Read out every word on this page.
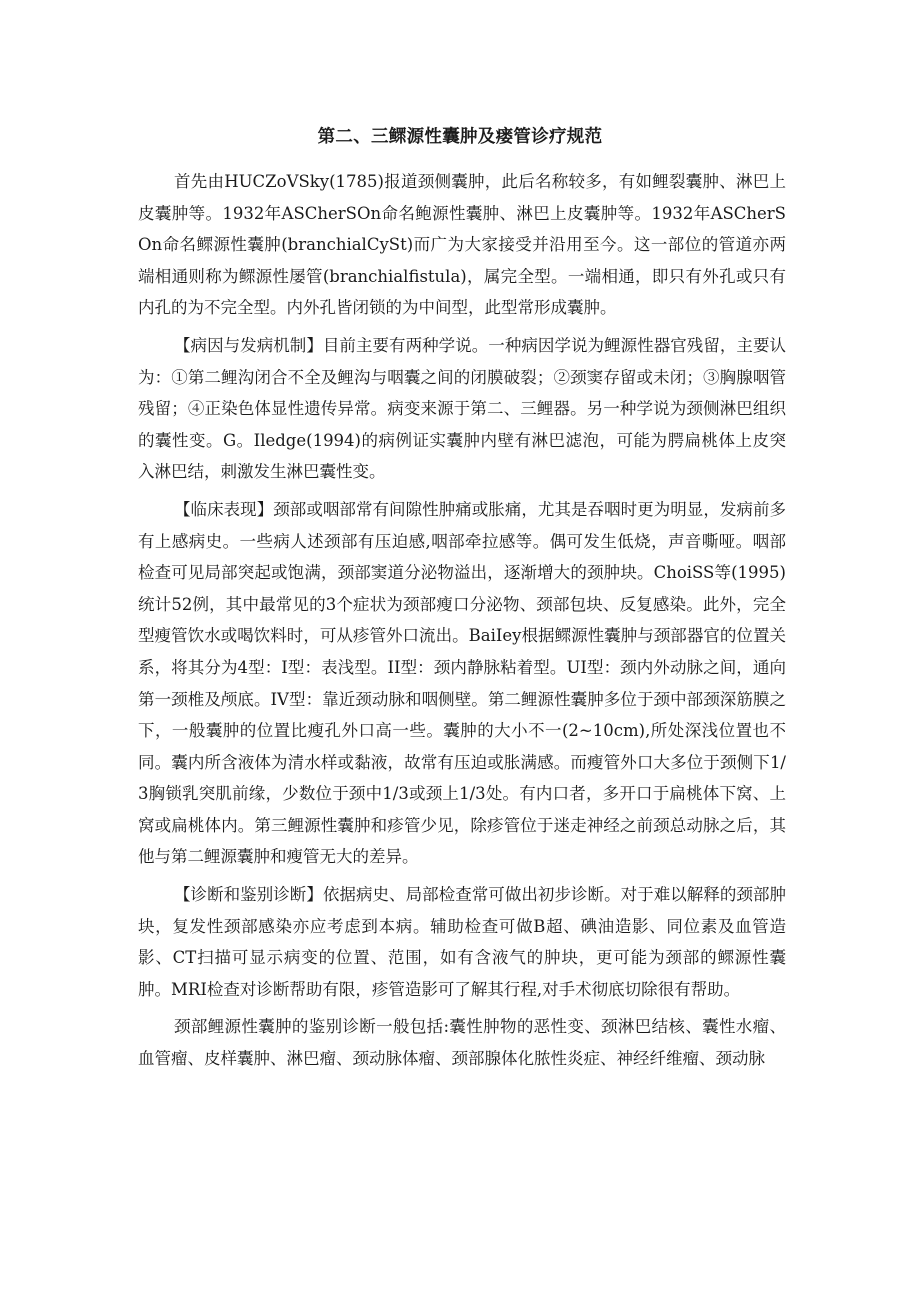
第二、三鳏源性囊肿及瘘管诊疗规范

首先由HUCZoVSky(1785)报道颈侧囊肿，此后名称较多，有如鲤裂囊肿、淋巴上皮囊肿等。1932年ASCherSOn命名鲍源性囊肿、淋巴上皮囊肿等。1932年ASCherSOn命名鳏源性囊肿(branchialCySt)而广为大家接受并沿用至今。这一部位的管道亦两端相通则称为鳏源性屡管(branchialfistula)，属完全型。一端相通，即只有外孔或只有内孔的为不完全型。内外孔皆闭锁的为中间型，此型常形成囊肿。

【病因与发病机制】目前主要有两种学说。一种病因学说为鲤源性器官残留，主要认为：①第二鲤沟闭合不全及鲤沟与咽囊之间的闭膜破裂；②颈窦存留或未闭；③胸腺咽管残留；④正染色体显性遗传异常。病变来源于第二、三鲤器。另一种学说为颈侧淋巴组织的囊性变。G。Iledge(1994)的病例证实囊肿内壁有淋巴滤泡，可能为腭扁桃体上皮突入淋巴结，刺激发生淋巴囊性变。

【临床表现】颈部或咽部常有间隙性肿痛或胀痛，尤其是吞咽时更为明显，发病前多有上感病史。一些病人述颈部有压迫感,咽部牵拉感等。偶可发生低烧，声音嘶哑。咽部检查可见局部突起或饱满，颈部窦道分泌物溢出，逐渐增大的颈肿块。ChoiSS等(1995)统计52例，其中最常见的3个症状为颈部瘦口分泌物、颈部包块、反复感染。此外，完全型瘦管饮水或喝饮料时，可从疹管外口流出。BaiIey根据鳏源性囊肿与颈部器官的位置关系，将其分为4型：I型：表浅型。II型：颈内静脉粘着型。UI型：颈内外动脉之间，通向第一颈椎及颅底。IV型：靠近颈动脉和咽侧壁。第二鲤源性囊肿多位于颈中部颈深筋膜之下，一般囊肿的位置比瘦孔外口高一些。囊肿的大小不一(2~10cm),所处深浅位置也不同。囊内所含液体为清水样或黏液，故常有压迫或胀满感。而瘦管外口大多位于颈侧下1/3胸锁乳突肌前缘，少数位于颈中1/3或颈上1/3处。有内口者，多开口于扁桃体下窝、上窝或扁桃体内。第三鲤源性囊肿和疹管少见，除疹管位于迷走神经之前颈总动脉之后，其他与第二鲤源囊肿和瘦管无大的差异。

【诊断和鉴别诊断】依据病史、局部检查常可做出初步诊断。对于难以解释的颈部肿块，复发性颈部感染亦应考虑到本病。辅助检查可做B超、碘油造影、同位素及血管造影、CT扫描可显示病变的位置、范围，如有含液气的肿块，更可能为颈部的鳏源性囊肿。MRI检查对诊断帮助有限，疹管造影可了解其行程,对手术彻底切除很有帮助。

颈部鲤源性囊肿的鉴别诊断一般包括:囊性肿物的恶性变、颈淋巴结核、囊性水瘤、血管瘤、皮样囊肿、淋巴瘤、颈动脉体瘤、颈部腺体化脓性炎症、神经纤维瘤、颈动脉
